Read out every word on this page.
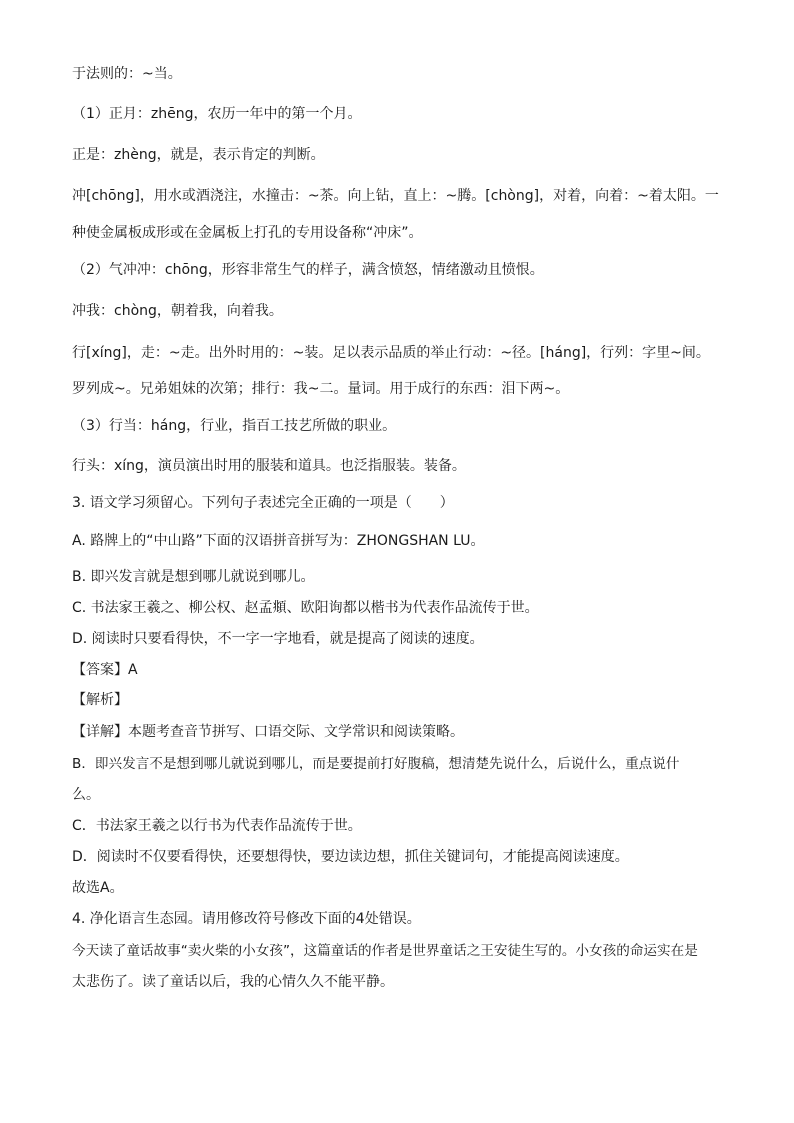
于法则的：~当。

（1）正月：zhēng，农历一年中的第一个月。

正是：zhèng，就是，表示肯定的判断。

冲[chōng]，用水或酒浇注，水撞击：~茶。向上钻，直上：~腾。[chòng]，对着，向着：~着太阳。一

种使金属板成形或在金属板上打孔的专用设备称“冲床”。

（2）气冲冲：chōng，形容非常生气的样子，满含愤怒，情绪激动且愤恨。

冲我：chòng，朝着我，向着我。

行[xíng]，走：~走。出外时用的：~装。足以表示品质的举止行动：~径。[háng]，行列：字里~间。

罗列成~。兄弟姐妹的次第；排行：我~二。量词。用于成行的东西：泪下两~。

（3）行当：háng，行业，指百工技艺所做的职业。

行头：xíng，演员演出时用的服装和道具。也泛指服装。装备。

3. 语文学习须留心。下列句子表述完全正确的一项是（　　）

A. 路牌上的“中山路”下面的汉语拼音拼写为：ZHONGSHAN LU。

B. 即兴发言就是想到哪儿就说到哪儿。

C. 书法家王羲之、柳公权、赵孟頫、欧阳询都以楷书为代表作品流传于世。

D. 阅读时只要看得快，不一字一字地看，就是提高了阅读的速度。

【答案】A

【解析】

【详解】本题考查音节拼写、口语交际、文学常识和阅读策略。

B．即兴发言不是想到哪儿就说到哪儿，而是要提前打好腹稿，想清楚先说什么，后说什么，重点说什

么。

C．书法家王羲之以行书为代表作品流传于世。

D．阅读时不仅要看得快，还要想得快，要边读边想，抓住关键词句，才能提高阅读速度。

故选A。

4. 净化语言生态园。请用修改符号修改下面的4处错误。

今天读了童话故事“卖火柴的小女孩”，这篇童话的作者是世界童话之王安徒生写的。小女孩的命运实在是

太悲伤了。读了童话以后，我的心情久久不能平静。
